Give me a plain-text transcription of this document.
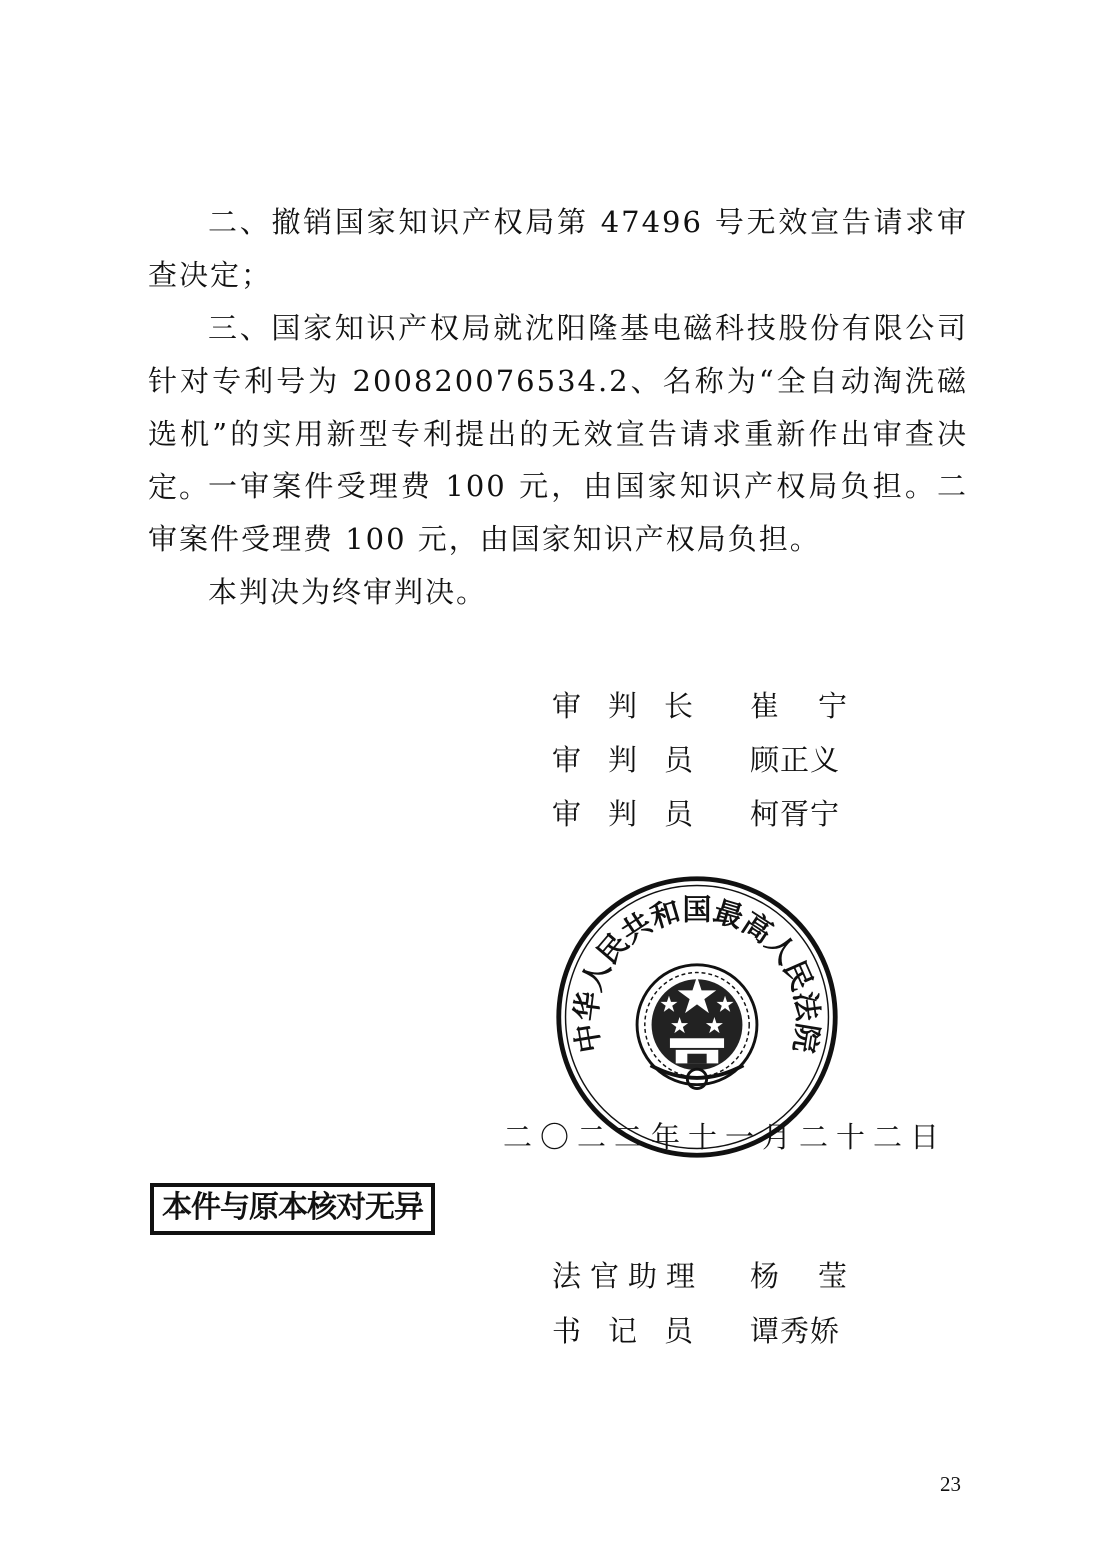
二、撤销国家知识产权局第 47496 号无效宣告请求审查决定；

三、国家知识产权局就沈阳隆基电磁科技股份有限公司针对专利号为 200820076534.2、名称为“全自动淘洗磁选机”的实用新型专利提出的无效宣告请求重新作出审查决定。

一审案件受理费 100 元，由国家知识产权局负担。二审案件受理费 100 元，由国家知识产权局负担。

本判决为终审判决。

审判长 崔宁
审判员 顾正义
审判员 柯胥宁
中华人民共和国最高人民法院
二〇二二年十一月二十二日
本件与原本核对无异
法官助理 杨莹
书记员 谭秀娇
23
